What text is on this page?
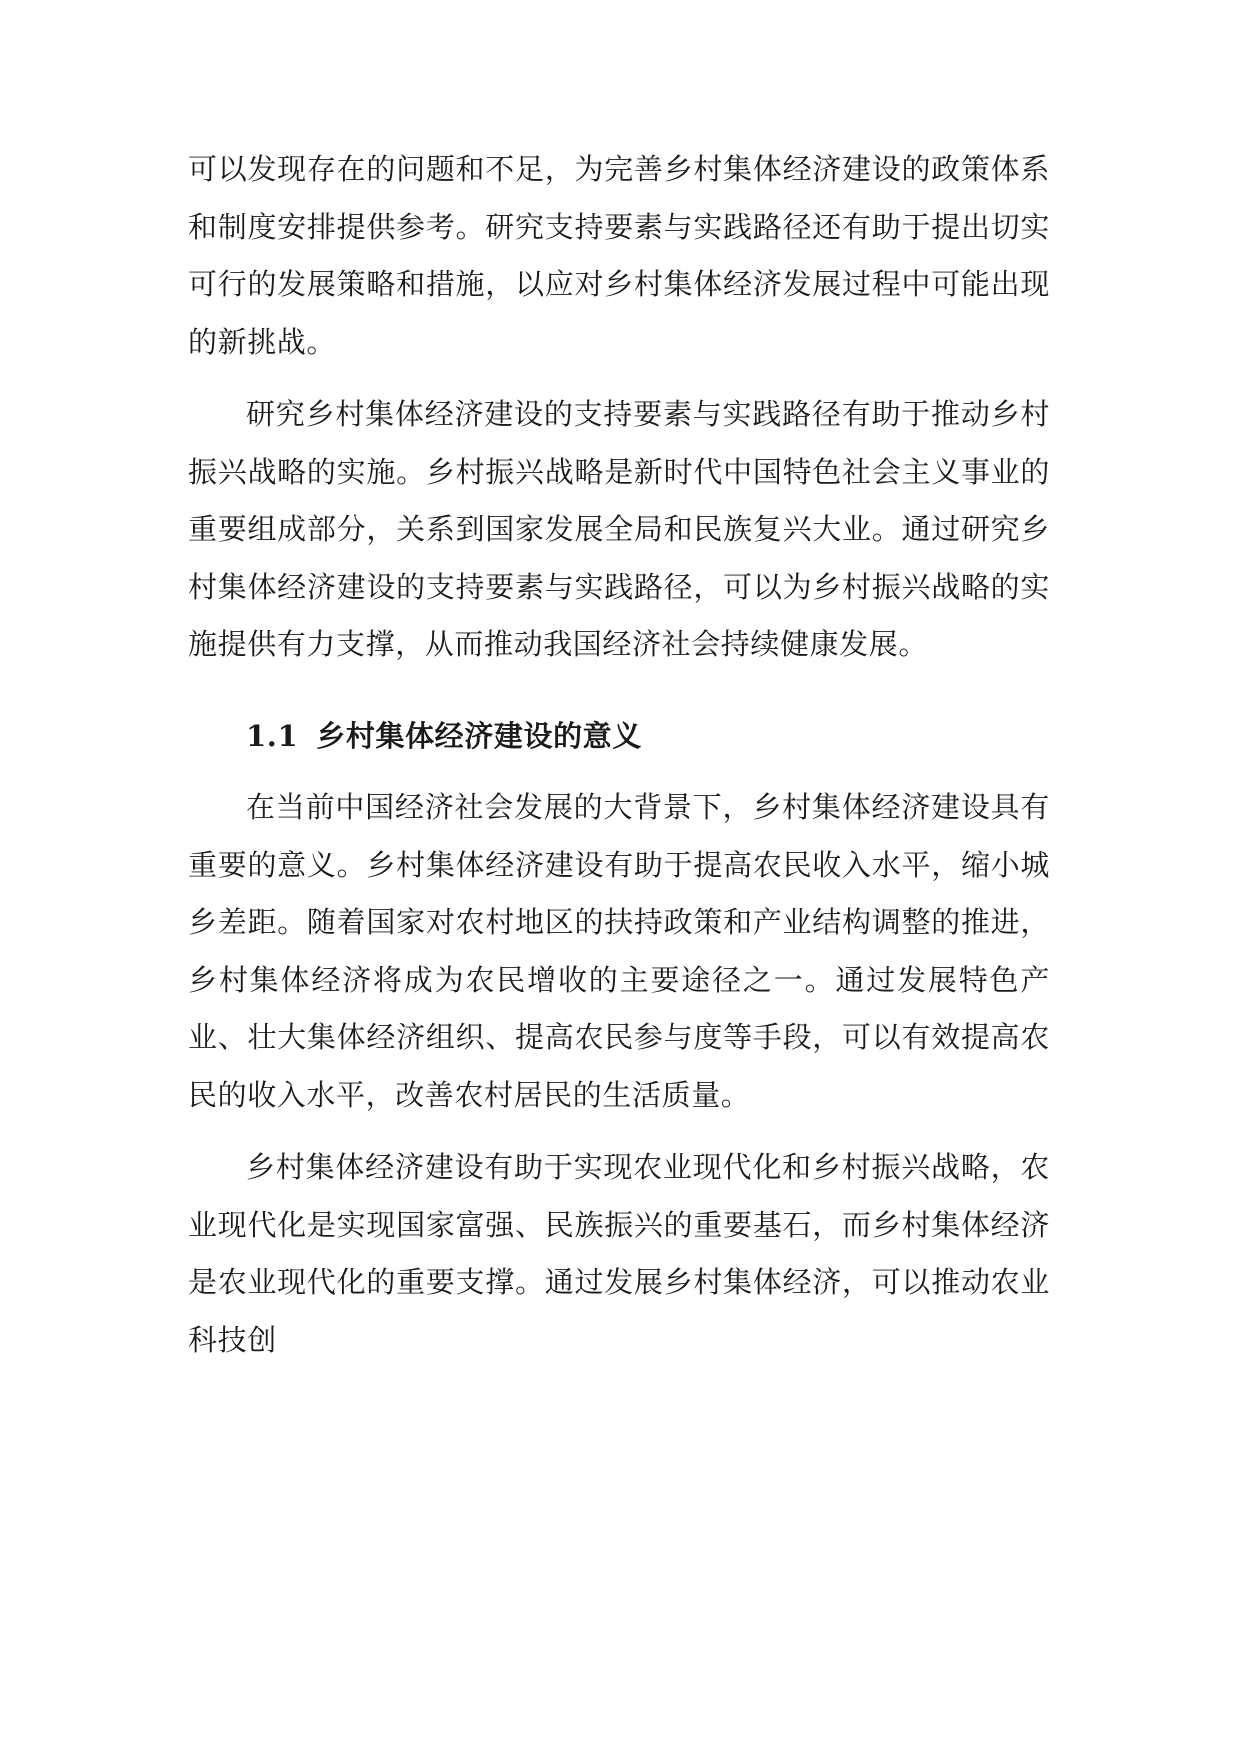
可以发现存在的问题和不足，为完善乡村集体经济建设的政策体系和制度安排提供参考。研究支持要素与实践路径还有助于提出切实可行的发展策略和措施，以应对乡村集体经济发展过程中可能出现的新挑战。

研究乡村集体经济建设的支持要素与实践路径有助于推动乡村振兴战略的实施。乡村振兴战略是新时代中国特色社会主义事业的重要组成部分，关系到国家发展全局和民族复兴大业。通过研究乡村集体经济建设的支持要素与实践路径，可以为乡村振兴战略的实施提供有力支撑，从而推动我国经济社会持续健康发展。

1.1 乡村集体经济建设的意义

在当前中国经济社会发展的大背景下，乡村集体经济建设具有重要的意义。乡村集体经济建设有助于提高农民收入水平，缩小城乡差距。随着国家对农村地区的扶持政策和产业结构调整的推进，乡村集体经济将成为农民增收的主要途径之一。通过发展特色产业、壮大集体经济组织、提高农民参与度等手段，可以有效提高农民的收入水平，改善农村居民的生活质量。

乡村集体经济建设有助于实现农业现代化和乡村振兴战略，农业现代化是实现国家富强、民族振兴的重要基石，而乡村集体经济是农业现代化的重要支撑。通过发展乡村集体经济，可以推动农业科技创
